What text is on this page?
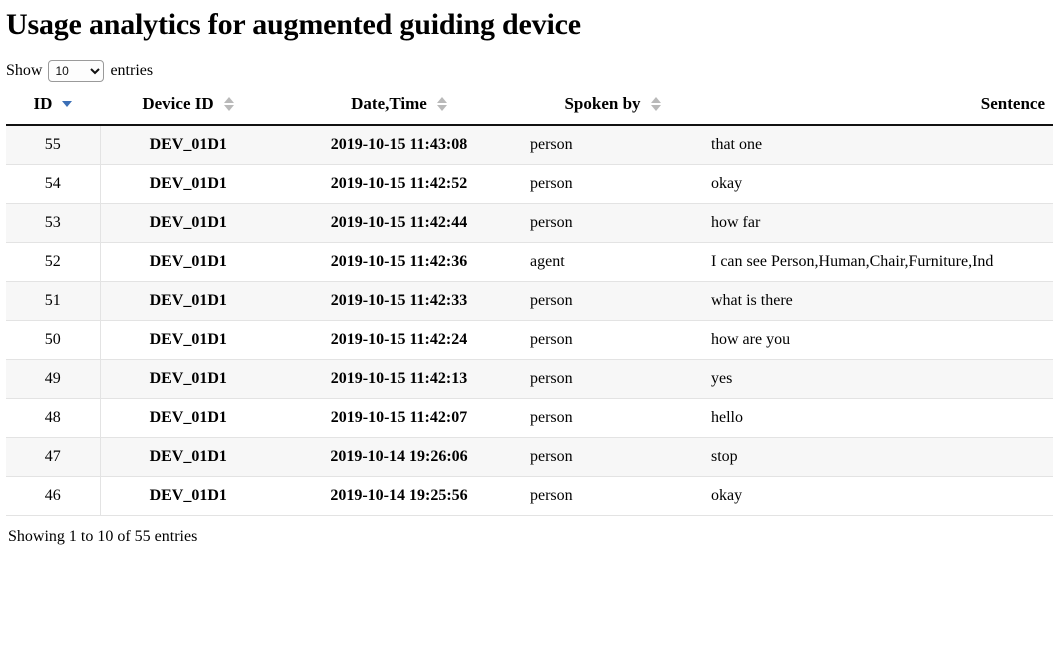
Usage analytics for augmented guiding device
Show
10	entries
ID	Device ID	Date,Time	Spoken by	Sentence

55	DEV_01D1	2019-10-15 11:43:08	person	that one
54	DEV_01D1	2019-10-15 11:42:52	person	okay
53	DEV_01D1	2019-10-15 11:42:44	person	how far
52	DEV_01D1	2019-10-15 11:42:36	agent	I can see Person,Human,Chair,Furniture,Ind
51	DEV_01D1	2019-10-15 11:42:33	person	what is there
50	DEV_01D1	2019-10-15 11:42:24	person	how are you
49	DEV_01D1	2019-10-15 11:42:13	person	yes
48	DEV_01D1	2019-10-15 11:42:07	person	hello
47	DEV_01D1	2019-10-14 19:26:06	person	stop
46	DEV_01D1	2019-10-14 19:25:56	person	okay
Showing 1 to 10 of 55 entries
